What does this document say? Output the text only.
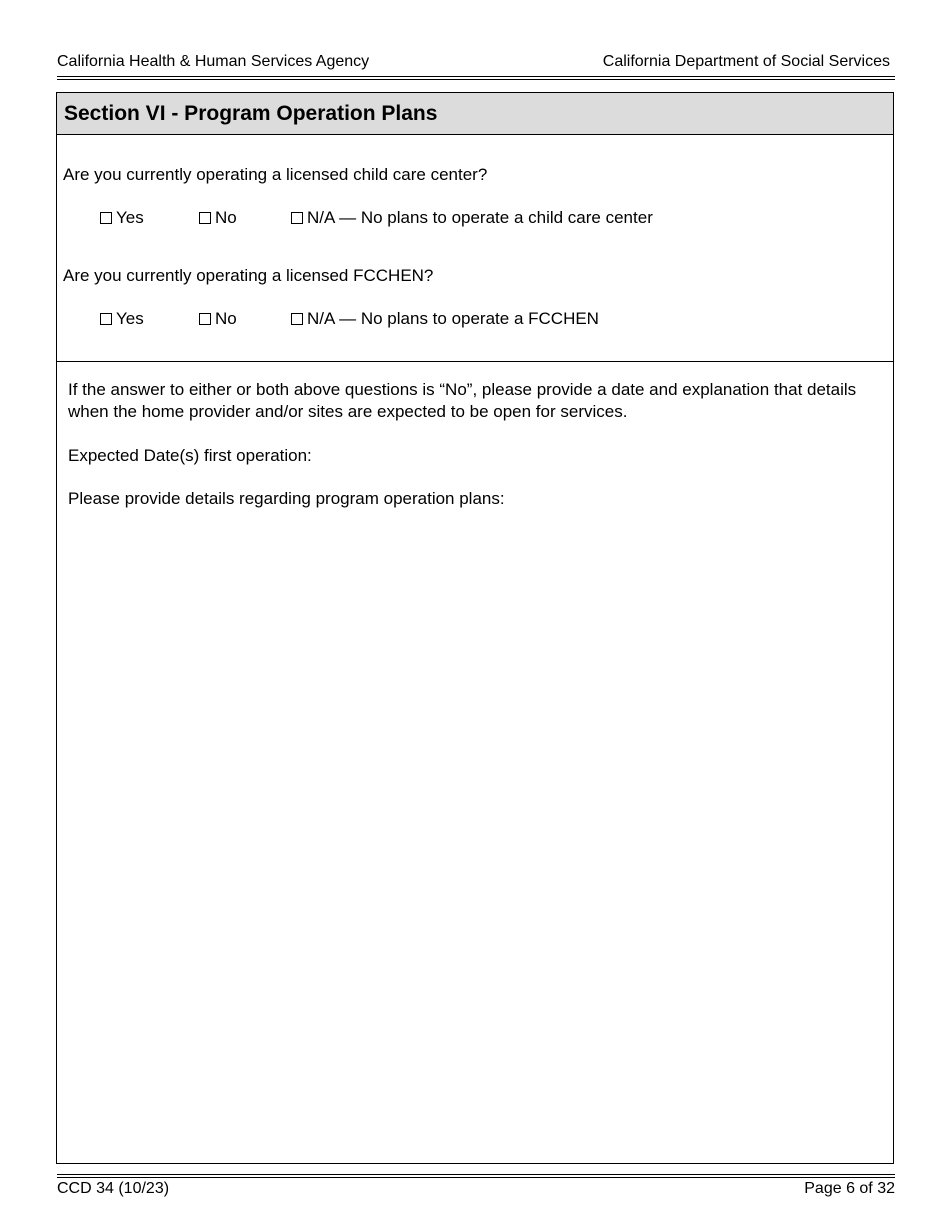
California Health & Human Services Agency	California Department of Social Services
Section VI - Program Operation Plans
Are you currently operating a licensed child care center?
Yes	No	N/A — No plans to operate a child care center
Are you currently operating a licensed FCCHEN?
Yes	No	N/A — No plans to operate a FCCHEN
If the answer to either or both above questions is “No”, please provide a date and explanation that details when the home provider and/or sites are expected to be open for services.
Expected Date(s) first operation:
Please provide details regarding program operation plans:
CCD 34 (10/23)	Page 6 of 32
